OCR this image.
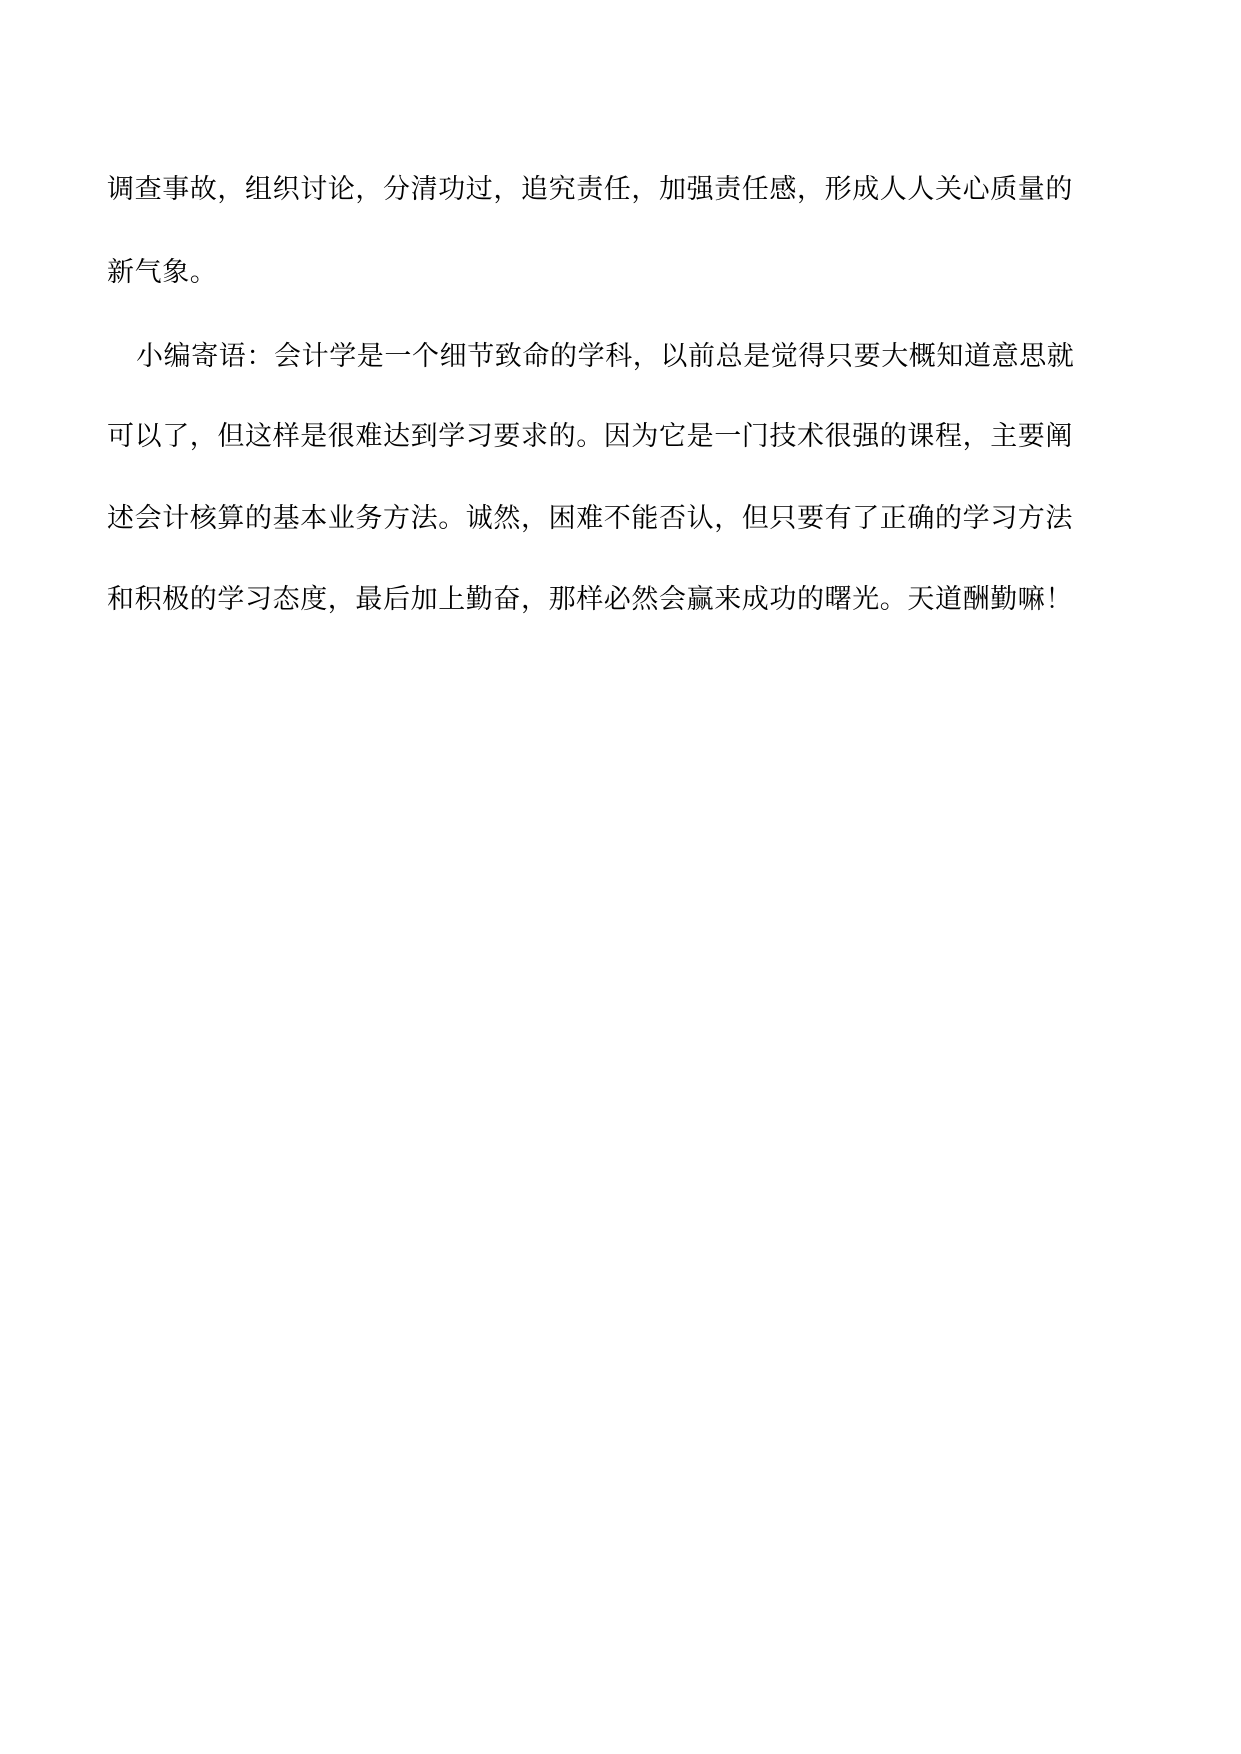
调查事故，组织讨论，分清功过，追究责任，加强责任感，形成人人关心质量的
新气象。
小编寄语：会计学是一个细节致命的学科，以前总是觉得只要大概知道意思就
可以了，但这样是很难达到学习要求的。因为它是一门技术很强的课程，主要阐
述会计核算的基本业务方法。诚然，困难不能否认，但只要有了正确的学习方法
和积极的学习态度，最后加上勤奋，那样必然会赢来成功的曙光。天道酬勤嘛！
